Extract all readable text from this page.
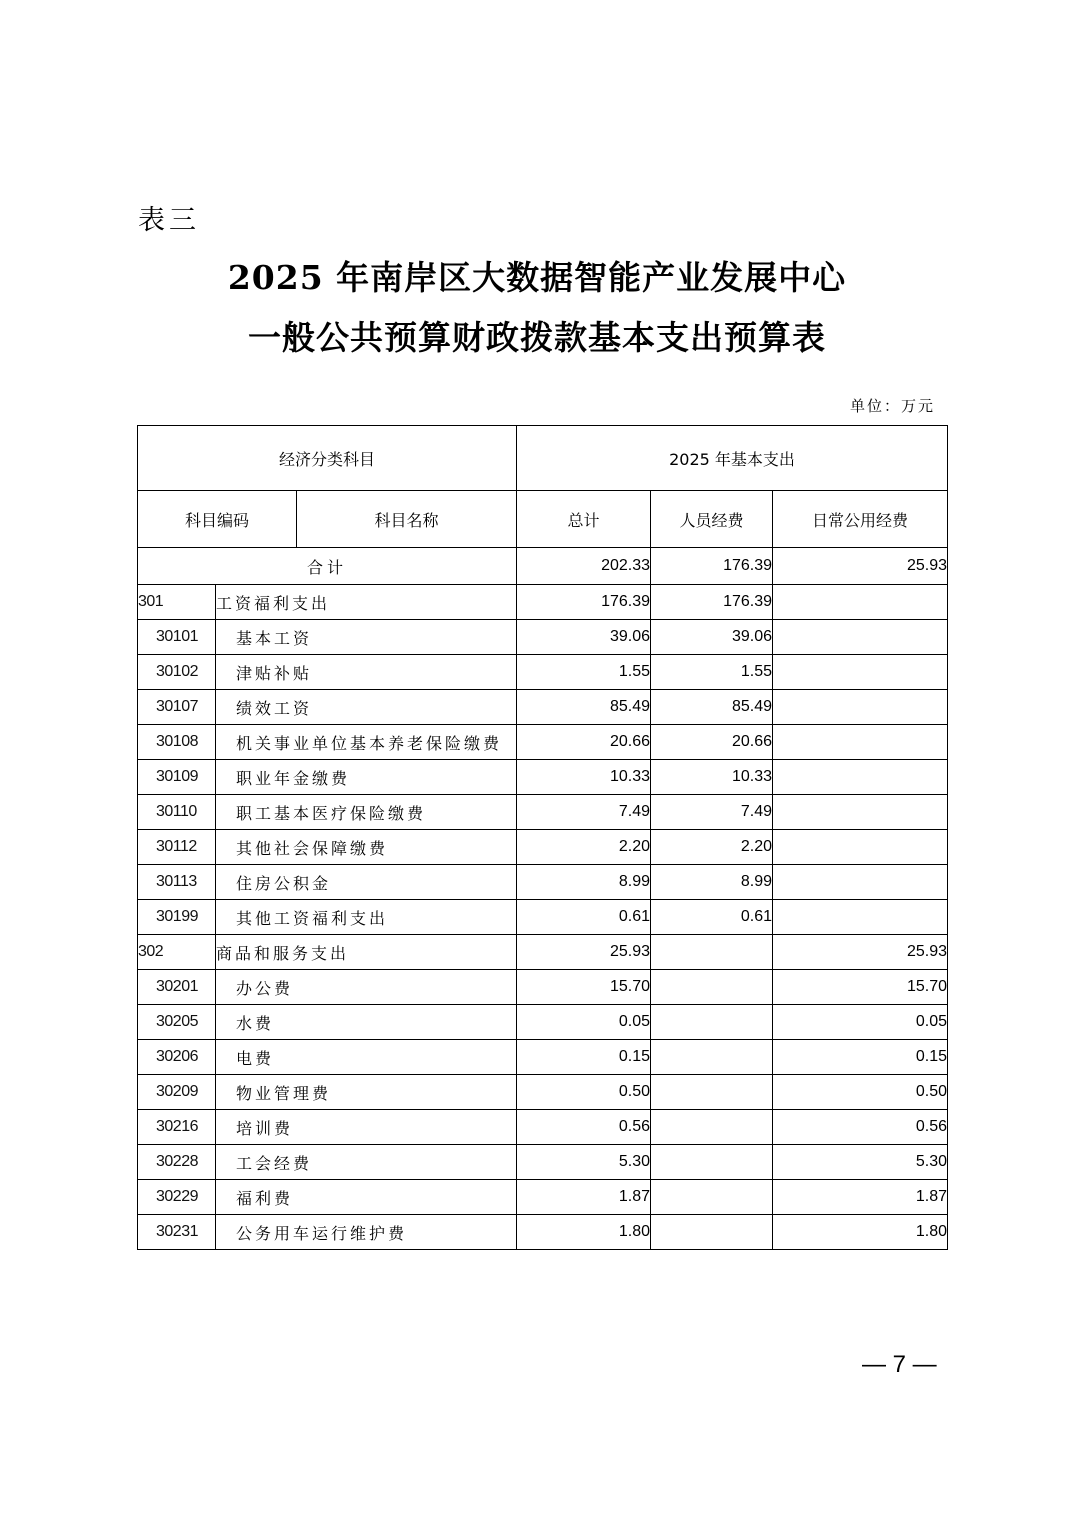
表三
2025 年南岸区大数据智能产业发展中心
一般公共预算财政拨款基本支出预算表
单位：万元
经济分类科目			2025 年基本支出		
科目编码		科目名称	总计	人员经费	日常公用经费
合计			202.33	176.39	25.93
301	工资福利支出		176.39	176.39	
30101	基本工资		39.06	39.06	
30102	津贴补贴		1.55	1.55	
30107	绩效工资		85.49	85.49	
30108	机关事业单位基本养老保险缴费		20.66	20.66	
30109	职业年金缴费		10.33	10.33	
30110	职工基本医疗保险缴费		7.49	7.49	
30112	其他社会保障缴费		2.20	2.20	
30113	住房公积金		8.99	8.99	
30199	其他工资福利支出		0.61	0.61	
302	商品和服务支出		25.93		25.93
30201	办公费		15.70		15.70
30205	水费		0.05		0.05
30206	电费		0.15		0.15
30209	物业管理费		0.50		0.50
30216	培训费		0.56		0.56
30228	工会经费		5.30		5.30
30229	福利费		1.87		1.87
30231	公务用车运行维护费		1.80		1.80
— 7 —
